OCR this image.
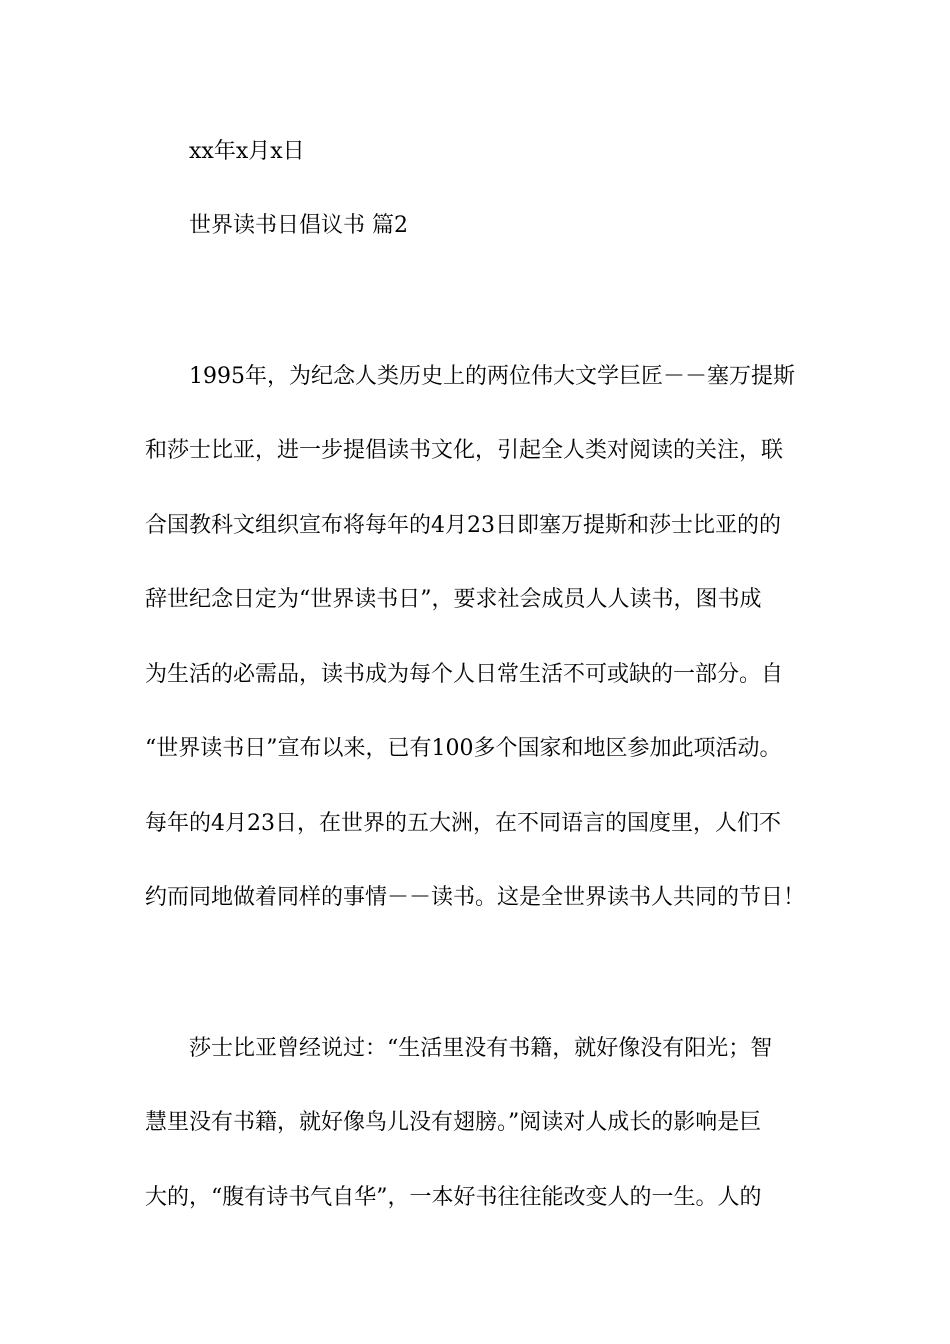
xx年x月x日

世界读书日倡议书 篇2

1995年，为纪念人类历史上的两位伟大文学巨匠－－塞万提斯

和莎士比亚，进一步提倡读书文化，引起全人类对阅读的关注，联

合国教科文组织宣布将每年的4月23日即塞万提斯和莎士比亚的的

辞世纪念日定为“世界读书日”，要求社会成员人人读书，图书成

为生活的必需品，读书成为每个人日常生活不可或缺的一部分。自

“世界读书日”宣布以来，已有100多个国家和地区参加此项活动。

每年的4月23日，在世界的五大洲，在不同语言的国度里，人们不

约而同地做着同样的事情－－读书。这是全世界读书人共同的节日！

莎士比亚曾经说过：“生活里没有书籍，就好像没有阳光；智

慧里没有书籍，就好像鸟儿没有翅膀。”阅读对人成长的影响是巨

大的，“腹有诗书气自华”，一本好书往往能改变人的一生。人的
